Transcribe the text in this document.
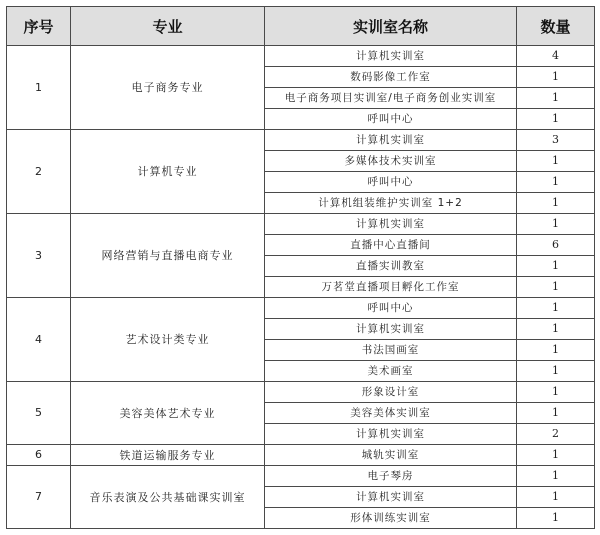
序号	专业	实训室名称	数量
1	电子商务专业	计算机实训室	4
		数码影像工作室	1
		电子商务项目实训室/电子商务创业实训室	1
		呼叫中心	1
2	计算机专业	计算机实训室	3
		多媒体技术实训室	1
		呼叫中心	1
		计算机组装维护实训室 1+2	1
3	网络营销与直播电商专业	计算机实训室	1
		直播中心直播间	6
		直播实训教室	1
		万茗堂直播项目孵化工作室	1
4	艺术设计类专业	呼叫中心	1
		计算机实训室	1
		书法国画室	1
		美术画室	1
5	美容美体艺术专业	形象设计室	1
		美容美体实训室	1
		计算机实训室	2
6	铁道运输服务专业	城轨实训室	1
7	音乐表演及公共基础课实训室	电子琴房	1
		计算机实训室	1
		形体训练实训室	1
